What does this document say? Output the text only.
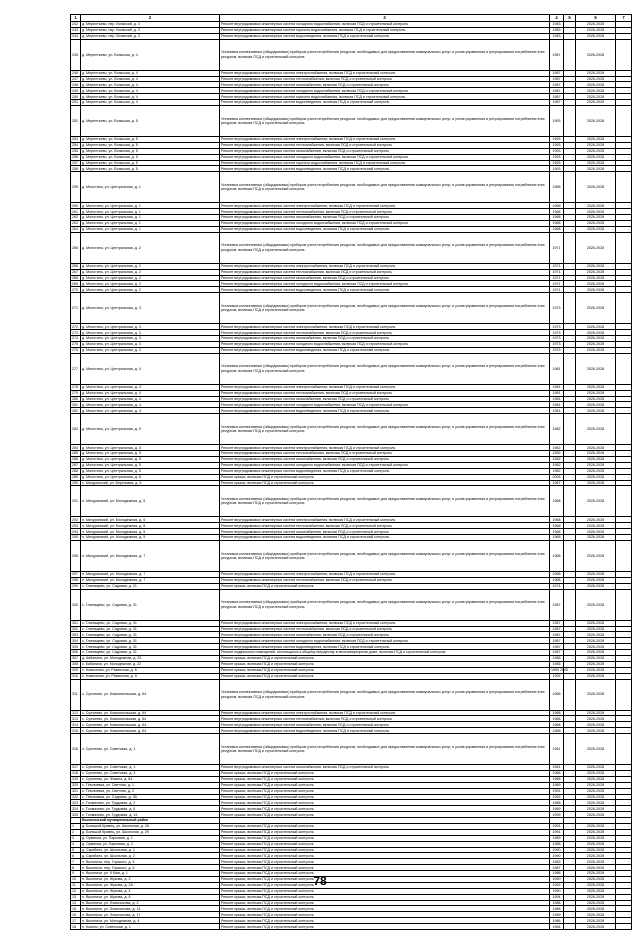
1	2	3	4	5	6	7
242	д. Мерелтьево, пер. Вонкский, д. 3	Ремонт внутридомовых инженерных систем холодного водоснабжения, включая ПСД и строительный контроль	1983		2026-2028	
243	д. Мерелтьево, пер. Вонкский, д. 3	Ремонт внутридомовых инженерных систем горячего водоснабжения, включая ПСД и строительный контроль	1983		2026-2028	
244	д. Мерелтьево, пер. Вонкский, д. 3	Ремонт внутридомовых инженерных систем водоотведения, включая ПСД и строительный контроль	1983		2026-2028	
245	д. Мерелтьево, ул. Вонкская, д. 4	Установка коллективных (общедомовых) приборов учета потребления ресурсов, необходимых для предоставления коммунальных услуг, и узлов управления и регулирования потребления этих ресурсов, включая ПСД и строительный контроль	1987		2026-2028	
246	д. Мерелтьево, ул. Вонкская, д. 4	Ремонт внутридомовых инженерных систем электроснабжения, включая ПСД и строительный контроль	1987		2026-2028	
247	д. Мерелтьево, ул. Вонкская, д. 4	Ремонт внутридомовых инженерных систем теплоснабжения, включая ПСД и строительный контроль	1987		2026-2028	
248	д. Мерелтьево, ул. Вонкская, д. 4	Ремонт внутридомовых инженерных систем газоснабжения, включая ПСД и строительный контроль	1987		2026-2028	
249	д. Мерелтьево, ул. Вонкская, д. 4	Ремонт внутридомовых инженерных систем холодного водоснабжения, включая ПСД и строительный контроль	1987		2026-2028	
250	д. Мерелтьево, ул. Вонкская, д. 4	Ремонт внутридомовых инженерных систем горячего водоснабжения, включая ПСД и строительный контроль	1987		2026-2028	
251	д. Мерелтьево, ул. Вонкская, д. 4	Ремонт внутридомовых инженерных систем водоотведения, включая ПСД и строительный контроль	1987		2026-2028	
252	д. Мерелтьево, ул. Вонкская, д. 5	Установка коллективных (общедомовых) приборов учета потребления ресурсов, необходимых для предоставления коммунальных услуг, и узлов управления и регулирования потребления этих ресурсов, включая ПСД и строительный контроль	1993		2026-2028	
253	д. Мерелтьево, ул. Вонкская, д. 5	Ремонт внутридомовых инженерных систем электроснабжения, включая ПСД и строительный контроль	1993		2026-2028	
254	д. Мерелтьево, ул. Вонкская, д. 5	Ремонт внутридомовых инженерных систем теплоснабжения, включая ПСД и строительный контроль	1993		2026-2028	
255	д. Мерелтьево, ул. Вонкская, д. 5	Ремонт внутридомовых инженерных систем газоснабжения, включая ПСД и строительный контроль	1993		2026-2028	
256	д. Мерелтьево, ул. Вонкская, д. 5	Ремонт внутридомовых инженерных систем холодного водоснабжения, включая ПСД и строительный контроль	1993		2026-2028	
257	д. Мерелтьево, ул. Вонкская, д. 5	Ремонт внутридомовых инженерных систем горячего водоснабжения, включая ПСД и строительный контроль	1993		2026-2028	
258	д. Мерелтьево, ул. Вонкская, д. 5	Ремонт внутридомовых инженерных систем водоотведения, включая ПСД и строительный контроль	1993		2026-2028	
259	д. Молотино, ул. Центральная, д. 1	Установка коллективных (общедомовых) приборов учета потребления ресурсов, необходимых для предоставления коммунальных услуг, и узлов управления и регулирования потребления этих ресурсов, включая ПСД и строительный контроль	1968		2026-2028	
260	д. Молотино, ул. Центральная, д. 1	Ремонт внутридомовых инженерных систем электроснабжения, включая ПСД и строительный контроль	1968		2026-2028	
261	д. Молотино, ул. Центральная, д. 1	Ремонт внутридомовых инженерных систем теплоснабжения, включая ПСД и строительный контроль	1968		2026-2028	
262	д. Молотино, ул. Центральная, д. 1	Ремонт внутридомовых инженерных систем газоснабжения, включая ПСД и строительный контроль	1968		2026-2028	
263	д. Молотино, ул. Центральная, д. 1	Ремонт внутридомовых инженерных систем холодного водоснабжения, включая ПСД и строительный контроль	1968		2026-2028	
264	д. Молотино, ул. Центральная, д. 1	Ремонт внутридомовых инженерных систем водоотведения, включая ПСД и строительный контроль	1968		2026-2028	
265	д. Молотино, ул. Центральная, д. 2	Установка коллективных (общедомовых) приборов учета потребления ресурсов, необходимых для предоставления коммунальных услуг, и узлов управления и регулирования потребления этих ресурсов, включая ПСД и строительный контроль	1971		2026-2028	
266	д. Молотино, ул. Центральная, д. 2	Ремонт внутридомовых инженерных систем электроснабжения, включая ПСД и строительный контроль	1971		2026-2028	
267	д. Молотино, ул. Центральная, д. 2	Ремонт внутридомовых инженерных систем теплоснабжения, включая ПСД и строительный контроль	1971		2026-2028	
268	д. Молотино, ул. Центральная, д. 2	Ремонт внутридомовых инженерных систем газоснабжения, включая ПСД и строительный контроль	1971		2026-2028	
269	д. Молотино, ул. Центральная, д. 2	Ремонт внутридомовых инженерных систем холодного водоснабжения, включая ПСД и строительный контроль	1971		2026-2028	
270	д. Молотино, ул. Центральная, д. 2	Ремонт внутридомовых инженерных систем водоотведения, включая ПСД и строительный контроль	1971		2026-2028	
271	д. Молотино, ул. Центральная, д. 3	Установка коллективных (общедомовых) приборов учета потребления ресурсов, необходимых для предоставления коммунальных услуг, и узлов управления и регулирования потребления этих ресурсов, включая ПСД и строительный контроль	1973		2026-2028	
272	д. Молотино, ул. Центральная, д. 3	Ремонт внутридомовых инженерных систем электроснабжения, включая ПСД и строительный контроль	1973		2026-2028	
273	д. Молотино, ул. Центральная, д. 3	Ремонт внутридомовых инженерных систем теплоснабжения, включая ПСД и строительный контроль	1973		2026-2028	
274	д. Молотино, ул. Центральная, д. 3	Ремонт внутридомовых инженерных систем газоснабжения, включая ПСД и строительный контроль	1973		2026-2028	
275	д. Молотино, ул. Центральная, д. 3	Ремонт внутридомовых инженерных систем холодного водоснабжения, включая ПСД и строительный контроль	1973		2026-2028	
276	д. Молотино, ул. Центральная, д. 3	Ремонт внутридомовых инженерных систем водоотведения, включая ПСД и строительный контроль	1973		2026-2028	
277	д. Молотино, ул. Центральная, д. 4	Установка коллективных (общедомовых) приборов учета потребления ресурсов, необходимых для предоставления коммунальных услуг, и узлов управления и регулирования потребления этих ресурсов, включая ПСД и строительный контроль	1981		2026-2028	
278	д. Молотино, ул. Центральная, д. 4	Ремонт внутридомовых инженерных систем электроснабжения, включая ПСД и строительный контроль	1981		2026-2028	
279	д. Молотино, ул. Центральная, д. 4	Ремонт внутридомовых инженерных систем теплоснабжения, включая ПСД и строительный контроль	1981		2026-2028	
280	д. Молотино, ул. Центральная, д. 4	Ремонт внутридомовых инженерных систем газоснабжения, включая ПСД и строительный контроль	1981		2026-2028	
281	д. Молотино, ул. Центральная, д. 4	Ремонт внутридомовых инженерных систем холодного водоснабжения, включая ПСД и строительный контроль	1981		2026-2028	
282	д. Молотино, ул. Центральная, д. 4	Ремонт внутридомовых инженерных систем водоотведения, включая ПСД и строительный контроль	1981		2026-2028	
283	д. Молотино, ул. Центральная, д. 5	Установка коллективных (общедомовых) приборов учета потребления ресурсов, необходимых для предоставления коммунальных услуг, и узлов управления и регулирования потребления этих ресурсов, включая ПСД и строительный контроль	1982		2026-2028	
284	д. Молотино, ул. Центральная, д. 5	Ремонт внутридомовых инженерных систем электроснабжения, включая ПСД и строительный контроль	1982		2026-2028	
285	д. Молотино, ул. Центральная, д. 5	Ремонт внутридомовых инженерных систем теплоснабжения, включая ПСД и строительный контроль	1982		2026-2028	
286	д. Молотино, ул. Центральная, д. 5	Ремонт внутридомовых инженерных систем газоснабжения, включая ПСД и строительный контроль	1982		2026-2028	
287	д. Молотино, ул. Центральная, д. 5	Ремонт внутридомовых инженерных систем холодного водоснабжения, включая ПСД и строительный контроль	1982		2026-2028	
288	д. Молотино, ул. Центральная, д. 5	Ремонт внутридомовых инженерных систем водоотведения, включая ПСД и строительный контроль	1982		2026-2028	
289	д. Молотино, ул. Центральная, д. 8	Ремонт крыши, включая ПСД и строительный контроль	2005		2026-2028	
290	с. Мичуринский, ул. Березовая, д. 5	Ремонт крыши, включая ПСД и строительный контроль	1967		2026-2028	
291	п. Мичуринский, ул. Молодежная, д. 5	Установка коллективных (общедомовых) приборов учета потребления ресурсов, необходимых для предоставления коммунальных услуг, и узлов управления и регулирования потребления этих ресурсов, включая ПСД и строительный контроль	1968		2026-2028	
292	п. Мичуринский, ул. Молодежная, д. 5	Ремонт внутридомовых инженерных систем электроснабжения, включая ПСД и строительный контроль	1968		2026-2028	
293	п. Мичуринский, ул. Молодежная, д. 5	Ремонт внутридомовых инженерных систем теплоснабжения, включая ПСД и строительный контроль	1968		2026-2028	
294	п. Мичуринский, ул. Молодежная, д. 5	Ремонт внутридомовых инженерных систем газоснабжения, включая ПСД и строительный контроль	1968		2026-2028	
295	п. Мичуринский, ул. Молодежная, д. 5	Ремонт внутридомовых инженерных систем водоотведения, включая ПСД и строительный контроль	1968		2026-2028	
296	п. Мичуринский, ул. Молодежная, д. 7	Установка коллективных (общедомовых) приборов учета потребления ресурсов, необходимых для предоставления коммунальных услуг, и узлов управления и регулирования потребления этих ресурсов, включая ПСД и строительный контроль	1968		2026-2028	
297	п. Мичуринский, ул. Молодежная, д. 7	Ремонт внутридомовых инженерных систем электроснабжения, включая ПСД и строительный контроль	1968		2026-2028	
298	п. Мичуринский, ул. Молодежная, д. 7	Ремонт внутридомовых инженерных систем теплоснабжения, включая ПСД и строительный контроль	1968		2026-2028	
299	с. Глинищево, ул. Садовая, д. 21	Ремонт крыши, включая ПСД и строительный контроль	1974		2026-2028	
300	с. Глинищево, ул. Садовая, д. 31	Установка коллективных (общедомовых) приборов учета потребления ресурсов, необходимых для предоставления коммунальных услуг, и узлов управления и регулирования потребления этих ресурсов, включая ПСД и строительный контроль	1987		2026-2028	
301	с. Глинищево, ул. Садовая, д. 31	Ремонт внутридомовых инженерных систем электроснабжения, включая ПСД и строительный контроль	1987		2026-2028	
302	с. Глинищево, ул. Садовая, д. 31	Ремонт внутридомовых инженерных систем теплоснабжения, включая ПСД и строительный контроль	1987		2026-2028	
303	с. Глинищево, ул. Садовая, д. 31	Ремонт внутридомовых инженерных систем газоснабжения, включая ПСД и строительный контроль	1987		2026-2028	
304	с. Глинищево, ул. Садовая, д. 31	Ремонт внутридомовых инженерных систем холодного водоснабжения, включая ПСД и строительный контроль	1987		2026-2028	
305	с. Глинищево, ул. Садовая, д. 31	Ремонт внутридомовых инженерных систем водоотведения, включая ПСД и строительный контроль	1987		2026-2028	
306	с. Глинищево, ул. Садовая, д. 31	Ремонт подвальных помещений, относящихся к общему имуществу в многоквартирном доме, включая ПСД и строительный контроль	1987		2026-2028	
307	д. Кабалачи, ул. Молодежная, д. 20	Ремонт крыши, включая ПСД и строительный контроль	1985		2026-2028	
308	с. Кабалачи, ул. Молодежная, д. 22	Ремонт крыши, включая ПСД и строительный контроль	1985		2026-2028	
309	с. Новоселки, ул. Рязанская, д. 6	Ремонт крыши, включая ПСД и строительный контроль	1990 2005		2026-2028	
310	с. Новоселки, ул. Рязанская, д. 9	Ремонт крыши, включая ПСД и строительный контроль	1992		2026-2028	
311	с. Сулонево, ул. Комсомольская, д. 64	Установка коллективных (общедомовых) приборов учета потребления ресурсов, необходимых для предоставления коммунальных услуг, и узлов управления и регулирования потребления этих ресурсов, включая ПСД и строительный контроль	1968		2026-2028	
312	с. Сулонево, ул. Комсомольская, д. 64	Ремонт внутридомовых инженерных систем электроснабжения, включая ПСД и строительный контроль	1968		2026-2028	
313	с. Сулонево, ул. Комсомольская, д. 64	Ремонт внутридомовых инженерных систем теплоснабжения, включая ПСД и строительный контроль	1968		2026-2028	
314	с. Сулонево, ул. Комсомольская, д. 64	Ремонт внутридомовых инженерных систем газоснабжения, включая ПСД и строительный контроль	1968		2026-2028	
315	с. Сулонево, ул. Комсомольская, д. 64	Ремонт внутридомовых инженерных систем водоотведения, включая ПСД и строительный контроль	1968		2026-2028	
316	с. Сулонево, ул. Советская, д. 1	Установка коллективных (общедомовых) приборов учета потребления ресурсов, необходимых для предоставления коммунальных услуг, и узлов управления и регулирования потребления этих ресурсов, включая ПСД и строительный контроль	1961		2026-2028	
317	с. Сулонево, ул. Советская, д. 1	Ремонт внутридомовых инженерных систем газоснабжения, включая ПСД и строительный контроль	1961		2026-2028	
318	с. Сулонево, ул. Советская, д. 3	Ремонт крыши, включая ПСД и строительный контроль	1966		2026-2028	
319	с. Сулонево, ул. Фокина, д. 64	Ремонт крыши, включая ПСД и строительный контроль	1968		2026-2028	
320	с. Тёмлиевка, ул. Светлая, д. 1	Ремонт крыши, включая ПСД и строительный контроль	1989		2026-2028	
321	с. Тёмлиевка, ул. Светлая, д. 2	Ремонт крыши, включая ПСД и строительный контроль	1991		2026-2028	
322	с. Тёмлиевка, ул. Садовая, д. 3А	Ремонт крыши, включая ПСД и строительный контроль	1992		2026-2028	
323	с. Толмачево, ул. Трудовая, д. 2	Ремонт крыши, включая ПСД и строительный контроль	1988		2026-2028	
324	с. Толмачево, ул. Трудовая, д. 6	Ремонт крыши, включая ПСД и строительный контроль	1989		2026-2028	
325	с. Толмачево, ул. Трудовая, д. 14	Ремонт крыши, включая ПСД и строительный контроль	1999		2026-2028	
	Выгоничский муниципальный район					
1	д. Большой Кривец, ул. Школьная, д. 28	Ремонт крыши, включая ПСД и строительный контроль	1991		2026-2028	
2	д. Большой Кривец, ул. Школьная, д. 29	Ремонт крыши, включая ПСД и строительный контроль	1991		2026-2028	
3	д. Орменка, ул. Парковая, д. 1	Ремонт крыши, включая ПСД и строительный контроль	1989		2026-2028	
4	д. Орменка, ул. Парковая, д. 2	Ремонт крыши, включая ПСД и строительный контроль	1988		2026-2028	
5	д. Скрябино, ул. Школьная, д. 1	Ремонт крыши, включая ПСД и строительный контроль	1990		2026-2028	
6	д. Скрябино, ул. Школьная, д. 2	Ремонт крыши, включая ПСД и строительный контроль	1990		2026-2028	
7	п. Выгоничи, пер. Горького, д. 5	Ремонт крыши, включая ПСД и строительный контроль	1983		2026-2028	
8	п. Выгоничи, пер. Горького, д. 6	Ремонт крыши, включая ПСД и строительный контроль	1987		2026-2028	
9	п. Выгоничи, ул. 9 Мая, д. 1	Ремонт крыши, включая ПСД и строительный контроль	1988		2026-2028	
10	п. Выгоничи, ул. Жукова, д. 2	Ремонт крыши, включая ПСД и строительный контроль	1990		2026-2028	
11	п. Выгоничи, ул. Жукова, д. 2А	Ремонт крыши, включая ПСД и строительный контроль	1992		2026-2028	
12	п. Выгоничи, ул. Жукова, д. 4	Ремонт крыши, включая ПСД и строительный контроль	1990		2026-2028	
13	п. Выгоничи, ул. Жукова, д. 6	Ремонт крыши, включая ПСД и строительный контроль	1994		2026-2028	
14	п. Выгоничи, ул. Ломоносова, д. 2	Ремонт крыши, включая ПСД и строительный контроль	1988		2026-2028	
15	п. Выгоничи, ул. Ломоносова, д. 13	Ремонт крыши, включая ПСД и строительный контроль	1988		2026-2028	
16	п. Выгоничи, ул. Ломоносова, д. 17	Ремонт крыши, включая ПСД и строительный контроль	1989		2026-2028	
17	п. Выгоничи, ул. Молодежная, д. 4	Ремонт крыши, включая ПСД и строительный контроль	1986		2026-2028	
18	п. Кокино, ул. Советская, д. 1	Ремонт крыши, включая ПСД и строительный контроль	1984		2026-2028	
78
